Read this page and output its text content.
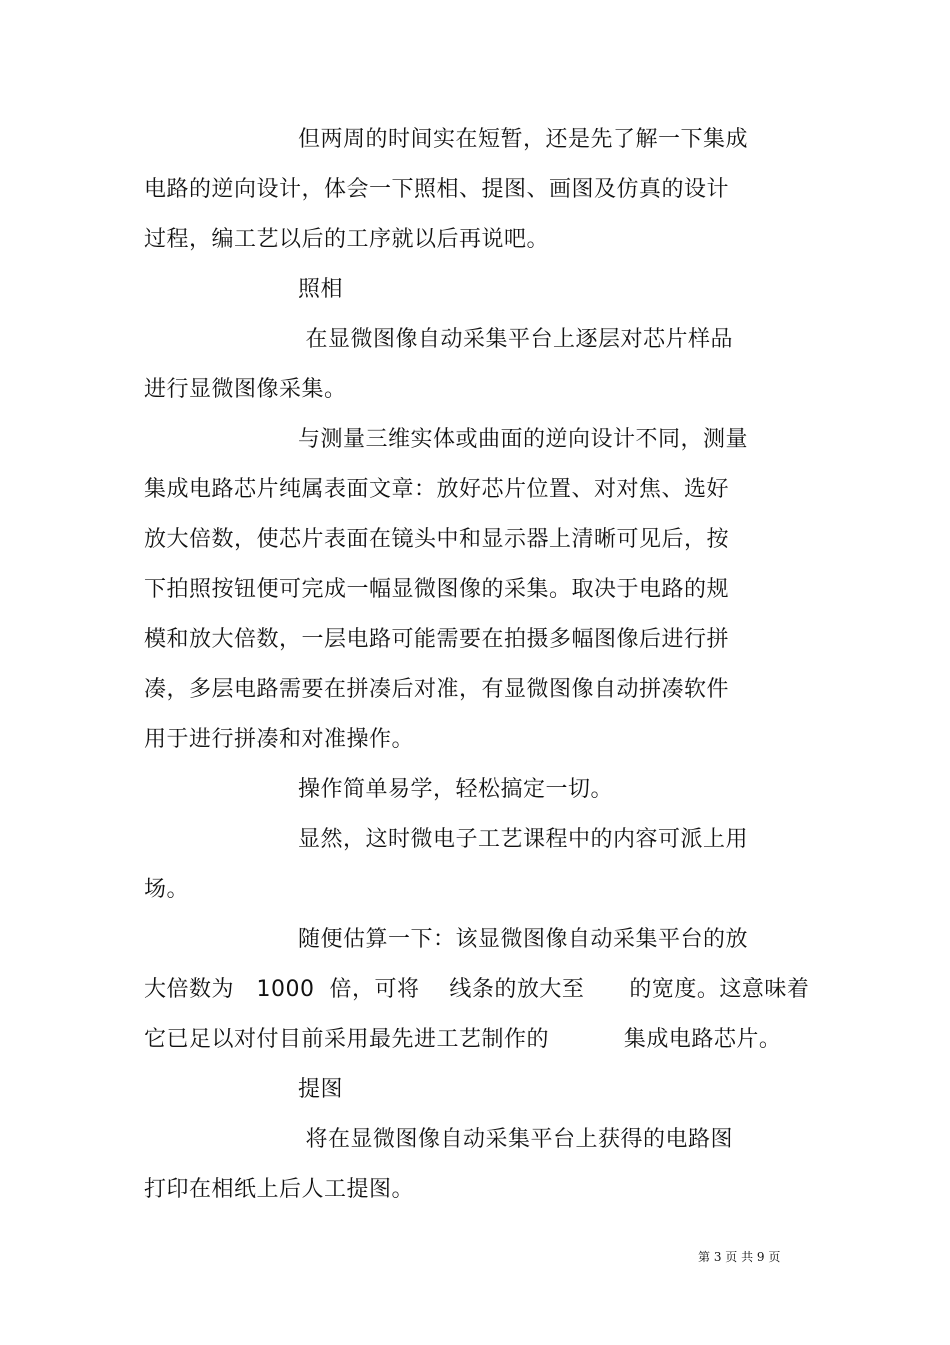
但两周的时间实在短暂，还是先了解一下集成
电路的逆向设计，体会一下照相、提图、画图及仿真的设计
过程，编工艺以后的工序就以后再说吧。
照相
在显微图像自动采集平台上逐层对芯片样品
进行显微图像采集。
与测量三维实体或曲面的逆向设计不同，测量
集成电路芯片纯属表面文章：放好芯片位置、对对焦、选好
放大倍数，使芯片表面在镜头中和显示器上清晰可见后，按
下拍照按钮便可完成一幅显微图像的采集。取决于电路的规
模和放大倍数，一层电路可能需要在拍摄多幅图像后进行拼
凑，多层电路需要在拼凑后对准，有显微图像自动拼凑软件
用于进行拼凑和对准操作。
操作简单易学，轻松搞定一切。
显然，这时微电子工艺课程中的内容可派上用
场。
随便估算一下：该显微图像自动采集平台的放
大倍数为   1000  倍，可将    线条的放大至      的宽度。这意味着
它已足以对付目前采用最先进工艺制作的          集成电路芯片。
提图
将在显微图像自动采集平台上获得的电路图
打印在相纸上后人工提图。
第 3 页 共 9 页
